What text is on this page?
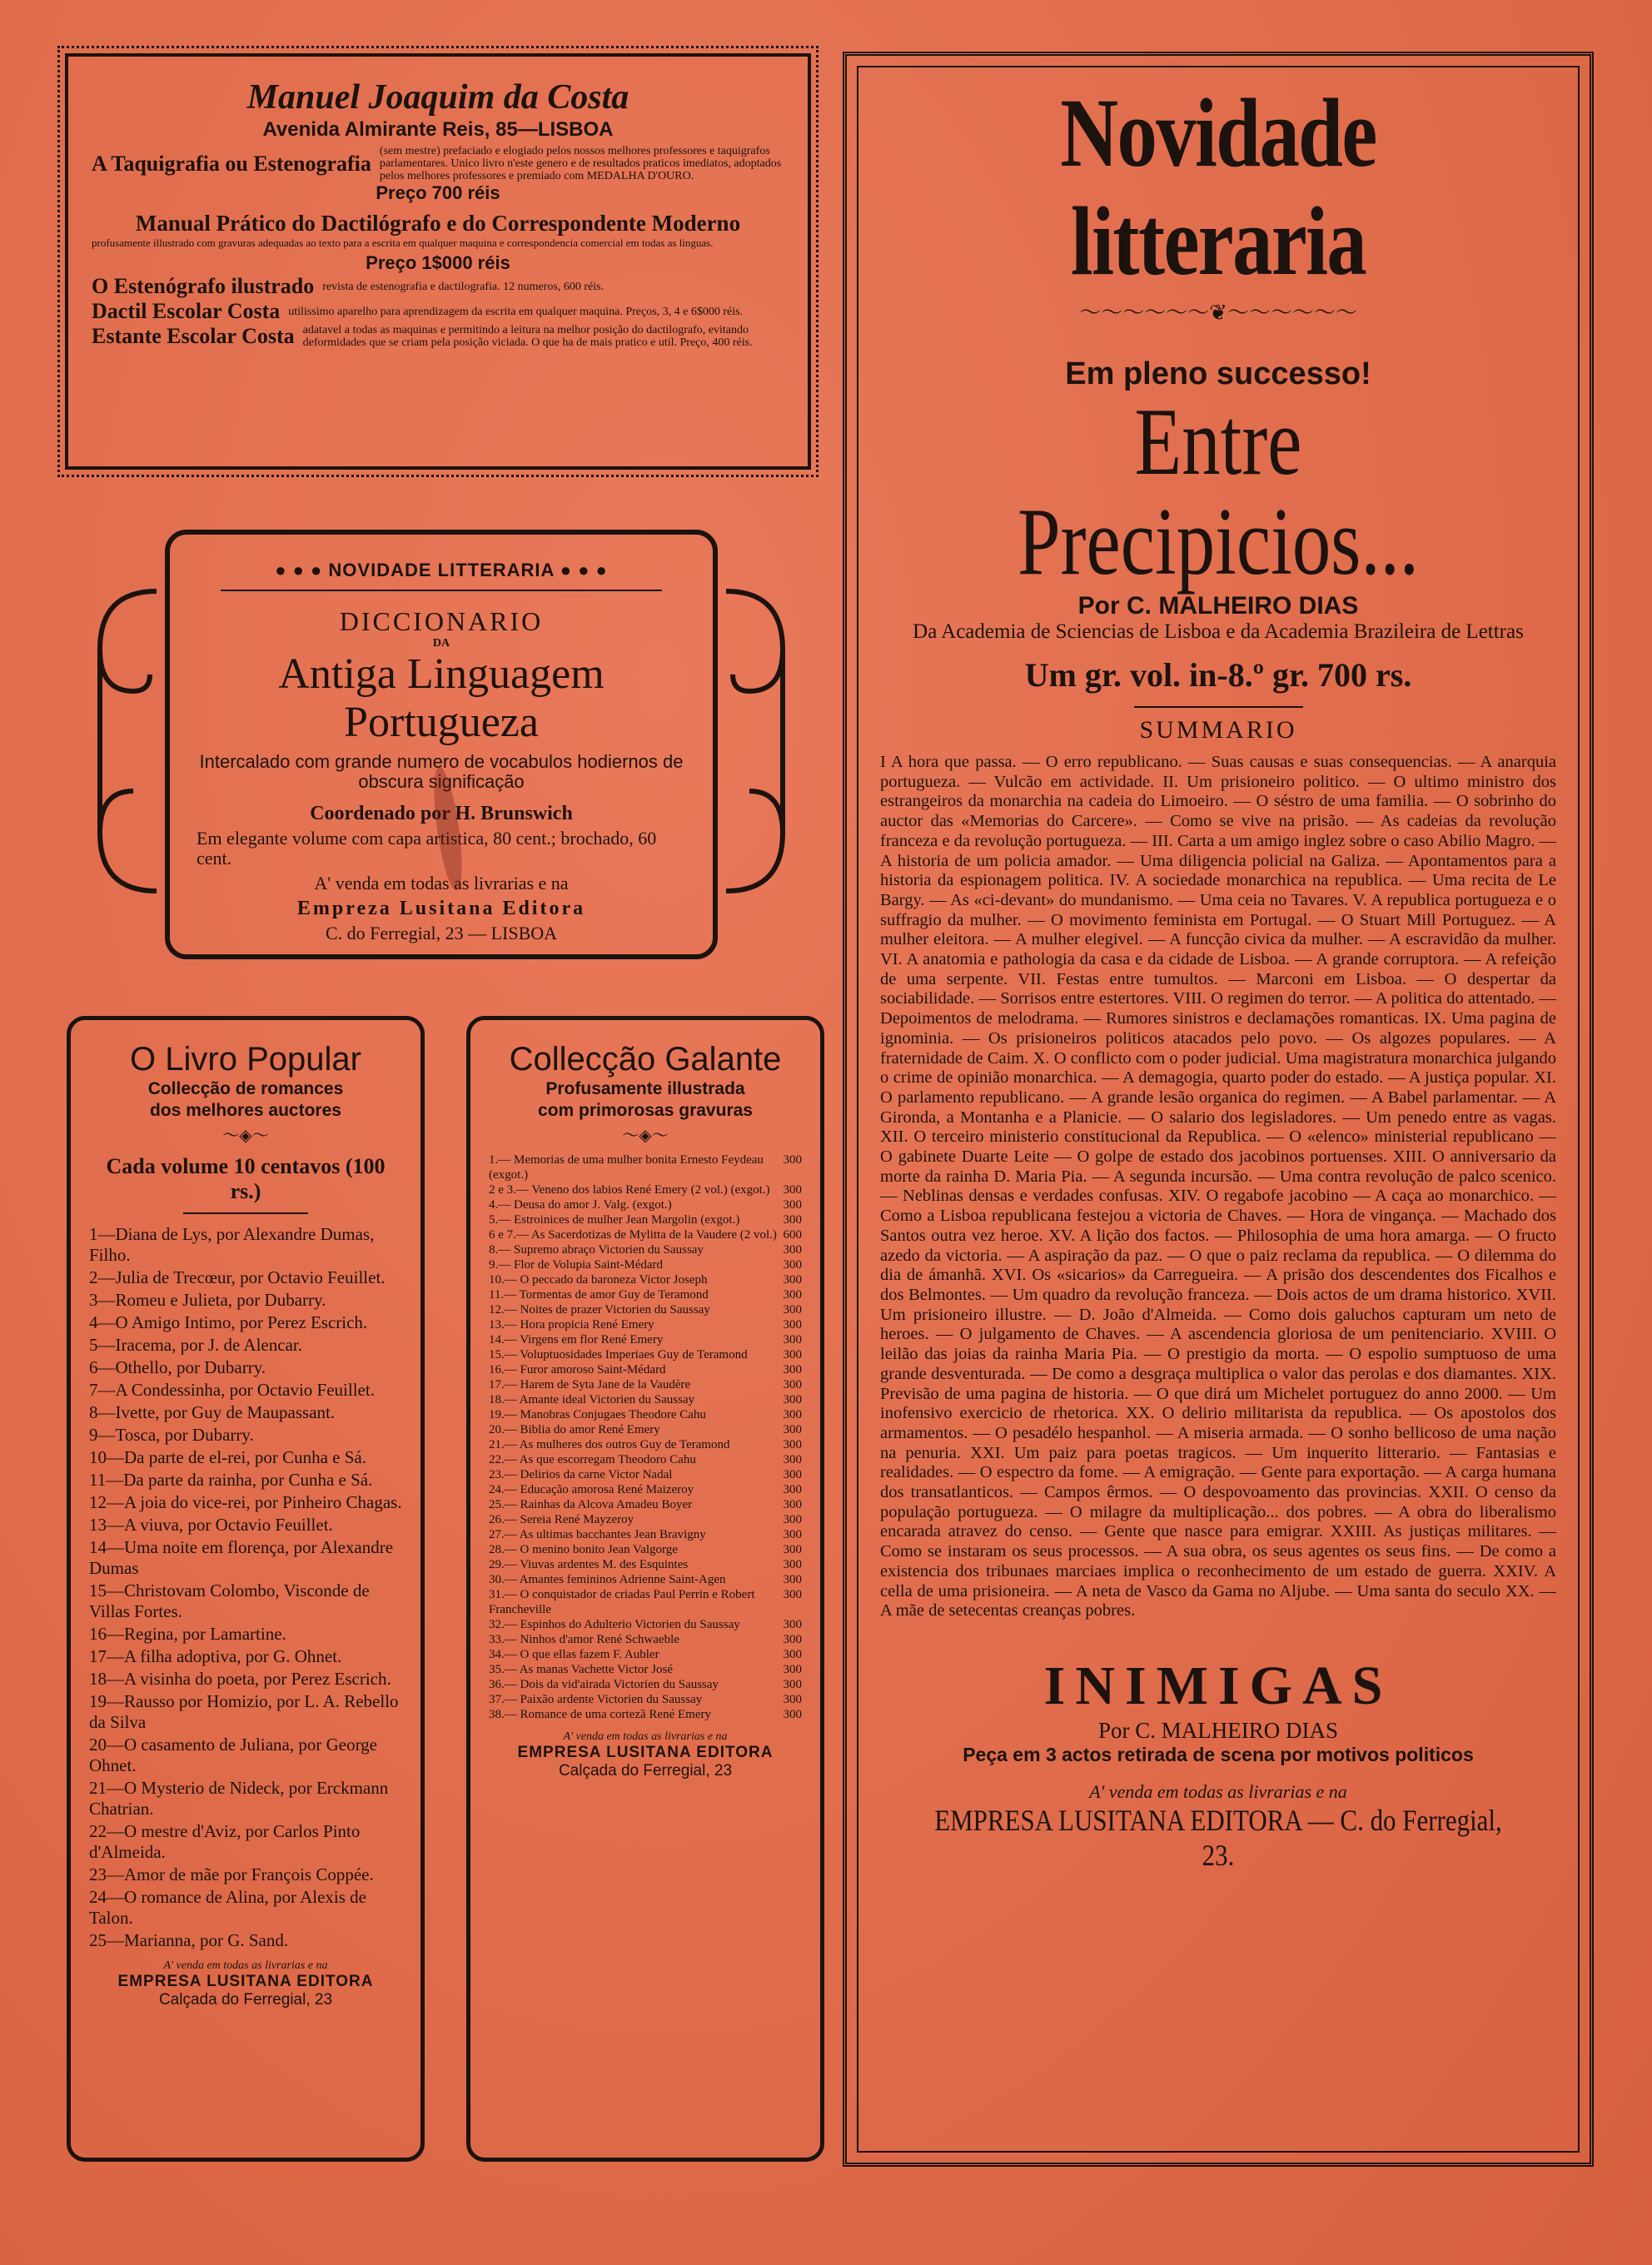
Manuel Joaquim da Costa
Avenida Almirante Reis, 85—LISBOA
A Taquigrafia ou Estenografia (sem mestre) prefaciado e elogiado pelos nossos melhores professores e taquigrafos parlamentares. Unico livro n'este genero e de resultados praticos imediatos, adoptados pelos melhores professores e premiado com MEDALHA D'OURO.
Preço 700 réis
Manual Prático do Dactilógrafo e do Correspondente Moderno
profusamente illustrado com gravuras adequadas ao texto para a escrita em qualquer maquina e correspondencia comercial em todas as linguas.
Preço 1$000 réis
O Estenógrafo ilustrado revista de estenografia e dactilografia. 12 numeros, 600 réis.
Dactil Escolar Costa utilissimo aparelho para aprendizagem da escrita em qualquer maquina. Preços, 3, 4 e 6$000 réis.
Estante Escolar Costa adatavel a todas as maquinas e permitindo a leitura na melhor posição do dactilografo, evitando deformidades que se criam pela posição viciada. O que ha de mais pratico e util. Preço, 400 réis.
● ● ● NOVIDADE LITTERARIA ● ● ●
DICCIONARIO
DA
Antiga Linguagem Portugueza

Intercalado com grande numero de vocabulos hodiernos de obscura significação

Coordenado por H. Brunswich

Em elegante volume com capa artistica, 80 cent.; brochado, 60 cent.

A' venda em todas as livrarias e na

Empreza Lusitana Editora

C. do Ferregial, 23 — LISBOA

O Livro Popular
Collecção de romances
dos melhores auctores
〜◈〜
Cada volume 10 centavos (100 rs.)
1—Diana de Lys, por Alexandre Dumas, Filho.
2—Julia de Trecœur, por Octavio Feuillet.
3—Romeu e Julieta, por Dubarry.
4—O Amigo Intimo, por Perez Escrich.
5—Iracema, por J. de Alencar.
6—Othello, por Dubarry.
7—A Condessinha, por Octavio Feuillet.
8—Ivette, por Guy de Maupassant.
9—Tosca, por Dubarry.
10—Da parte de el-rei, por Cunha e Sá.
11—Da parte da rainha, por Cunha e Sá.
12—A joia do vice-rei, por Pinheiro Chagas.
13—A viuva, por Octavio Feuillet.
14—Uma noite em florença, por Alexandre Dumas
15—Christovam Colombo, Visconde de Villas Fortes.
16—Regina, por Lamartine.
17—A filha adoptiva, por G. Ohnet.
18—A visinha do poeta, por Perez Escrich.
19—Rausso por Homizio, por L. A. Rebello da Silva
20—O casamento de Juliana, por George Ohnet.
21—O Mysterio de Nideck, por Erckmann Chatrian.
22—O mestre d'Aviz, por Carlos Pinto d'Almeida.
23—Amor de mãe por François Coppée.
24—O romance de Alina, por Alexis de Talon.
25—Marianna, por G. Sand.
A' venda em todas as livrarias e na
EMPRESA LUSITANA EDITORA
Calçada do Ferregial, 23
Collecção Galante
Profusamente illustrada
com primorosas gravuras
〜◈〜
1.— Memorias de uma mulher bonita Ernesto Feydeau (exgot.)
300
2 e 3.— Veneno dos labios René Emery (2 vol.) (exgot.)	300
4.— Deusa do amor J. Valg. (exgot.)	300
5.— Estroinices de mulher Jean Margolin (exgot.)	300
6 e 7.— As Sacerdotizas de Mylitta de la Vaudere (2 vol.) 600
8.— Supremo abraço Victorien du Saussay	300
9.— Flor de Volupia Saint-Médard	300
10.— O peccado da baroneza Victor Joseph	300
11.— Tormentas de amor Guy de Teramond	300
12.— Noites de prazer Victorien du Saussay	300
13.— Hora propicia René Emery	300
14.— Virgens em flor René Emery	300
15.— Voluptuosidades Imperiaes Guy de Teramond	300
16.— Furor amoroso Saint-Médard	300
17.— Harem de Syta Jane de la Vaudère	300
18.— Amante ideal Victorien du Saussay	300
19.— Manobras Conjugaes Theodore Cahu	300
20.— Biblia do amor René Emery	300
21.— As mulheres dos outros Guy de Teramond	300
22.— As que escorregam Theodoro Cahu	300
23.— Delirios da carne Victor Nadal	300
24.— Educação amorosa René Maizeroy	300
25.— Rainhas da Alcova Amadeu Boyer	300
26.— Sereia René Mayzeroy	300
27.— As ultimas bacchantes Jean Bravigny	300
28.— O menino bonito Jean Valgorge	300
29.— Viuvas ardentes M. des Esquintes	300
30.— Amantes femininos Adrienne Saint-Agen	300
31.— O conquistador de criadas Paul Perrin e Robert Francheville
300
32.— Espinhos do Adulterio Victorien du Saussay	300
33.— Ninhos d'amor René Schwaeble	300
34.— O que ellas fazem F. Aubler	300
35.— As manas Vachette Victor José	300
36.— Dois da vid'airada Victorien du Saussay	300
37.— Paixão ardente Victorien du Saussay	300
38.— Romance de uma cortezã René Emery	300
A' venda em todas as livrarias e na
EMPRESA LUSITANA EDITORA
Calçada do Ferregial, 23
Novidade litteraria
〜〜〜〜〜〜❦〜〜〜〜〜〜
Em pleno successo!
Entre Precipicios...
Por C. MALHEIRO DIAS
Da Academia de Sciencias de Lisboa e da Academia Brazileira de Lettras
Um gr. vol. in-8.º gr. 700 rs.
SUMMARIO
I A hora que passa. — O erro republicano. — Suas causas e suas consequencias. — A anarquia portugueza. — Vulcão em actividade. II. Um prisioneiro politico. — O ultimo ministro dos estrangeiros da monarchia na cadeia do Limoeiro. — O séstro de uma familia. — O sobrinho do auctor das «Memorias do Carcere». — Como se vive na prisão. — As cadeias da revolução franceza e da revolução portugueza. — III. Carta a um amigo inglez sobre o caso Abilio Magro. — A historia de um policia amador. — Uma diligencia policial na Galiza. — Apontamentos para a historia da espionagem politica. IV. A sociedade monarchica na republica. — Uma recita de Le Bargy. — As «ci-devant» do mundanismo. — Uma ceia no Tavares. V. A republica portugueza e o suffragio da mulher. — O movimento feminista em Portugal. — O Stuart Mill Portuguez. — A mulher eleitora. — A mulher elegivel. — A funcção civica da mulher. — A escravidão da mulher. VI. A anatomia e pathologia da casa e da cidade de Lisboa. — A grande corruptora. — A refeição de uma serpente. VII. Festas entre tumultos. — Marconi em Lisboa. — O despertar da sociabilidade. — Sorrisos entre estertores. VIII. O regimen do terror. — A politica do attentado. — Depoimentos de melodrama. — Rumores sinistros e declamações romanticas. IX. Uma pagina de ignominia. — Os prisioneiros politicos atacados pelo povo. — Os algozes populares. — A fraternidade de Caim. X. O conflicto com o poder judicial. Uma magistratura monarchica julgando o crime de opinião monarchica. — A demagogia, quarto poder do estado. — A justiça popular. XI. O parlamento republicano. — A grande lesão organica do regimen. — A Babel parlamentar. — A Gironda, a Montanha e a Planicie. — O salario dos legisladores. — Um penedo entre as vagas. XII. O terceiro ministerio constitucional da Republica. — O «elenco» ministerial republicano — O gabinete Duarte Leite — O golpe de estado dos jacobinos portuenses. XIII. O anniversario da morte da rainha D. Maria Pia. — A segunda incursão. — Uma contra revolução de palco scenico. — Neblinas densas e verdades confusas. XIV. O regabofe jacobino — A caça ao monarchico. — Como a Lisboa republicana festejou a victoria de Chaves. — Hora de vingança. — Machado dos Santos outra vez heroe. XV. A lição dos factos. — Philosophia de uma hora amarga. — O fructo azedo da victoria. — A aspiração da paz. — O que o paiz reclama da republica. — O dilemma do dia de ámanhã. XVI. Os «sicarios» da Carregueira. — A prisão dos descendentes dos Ficalhos e dos Belmontes. — Um quadro da revolução franceza. — Dois actos de um drama historico. XVII. Um prisioneiro illustre. — D. João d'Almeida. — Como dois galuchos capturam um neto de heroes. — O julgamento de Chaves. — A ascendencia gloriosa de um penitenciario. XVIII. O leilão das joias da rainha Maria Pia. — O prestigio da morta. — O espolio sumptuoso de uma grande desventurada. — De como a desgraça multiplica o valor das perolas e dos diamantes. XIX. Previsão de uma pagina de historia. — O que dirá um Michelet portuguez do anno 2000. — Um inofensivo exercicio de rhetorica. XX. O delirio militarista da republica. — Os apostolos dos armamentos. — O pesadélo hespanhol. — A miseria armada. — O sonho bellicoso de uma nação na penuria. XXI. Um paiz para poetas tragicos. — Um inquerito litterario. — Fantasias e realidades. — O espectro da fome. — A emigração. — Gente para exportação. — A carga humana dos transatlanticos. — Campos êrmos. — O despovoamento das provincias. XXII. O censo da população portugueza. — O milagre da multiplicação... dos pobres. — A obra do liberalismo encarada atravez do censo. — Gente que nasce para emigrar. XXIII. As justiças militares. — Como se instaram os seus processos. — A sua obra, os seus agentes os seus fins. — De como a existencia dos tribunaes marciaes implica o reconhecimento de um estado de guerra. XXIV. A cella de uma prisioneira. — A neta de Vasco da Gama no Aljube. — Uma santa do seculo XX. — A mãe de setecentas creanças pobres.
INIMIGAS
Por C. MALHEIRO DIAS
Peça em 3 actos retirada de scena por motivos politicos
A' venda em todas as livrarias e na
EMPRESA LUSITANA EDITORA — C. do Ferregial, 23.
